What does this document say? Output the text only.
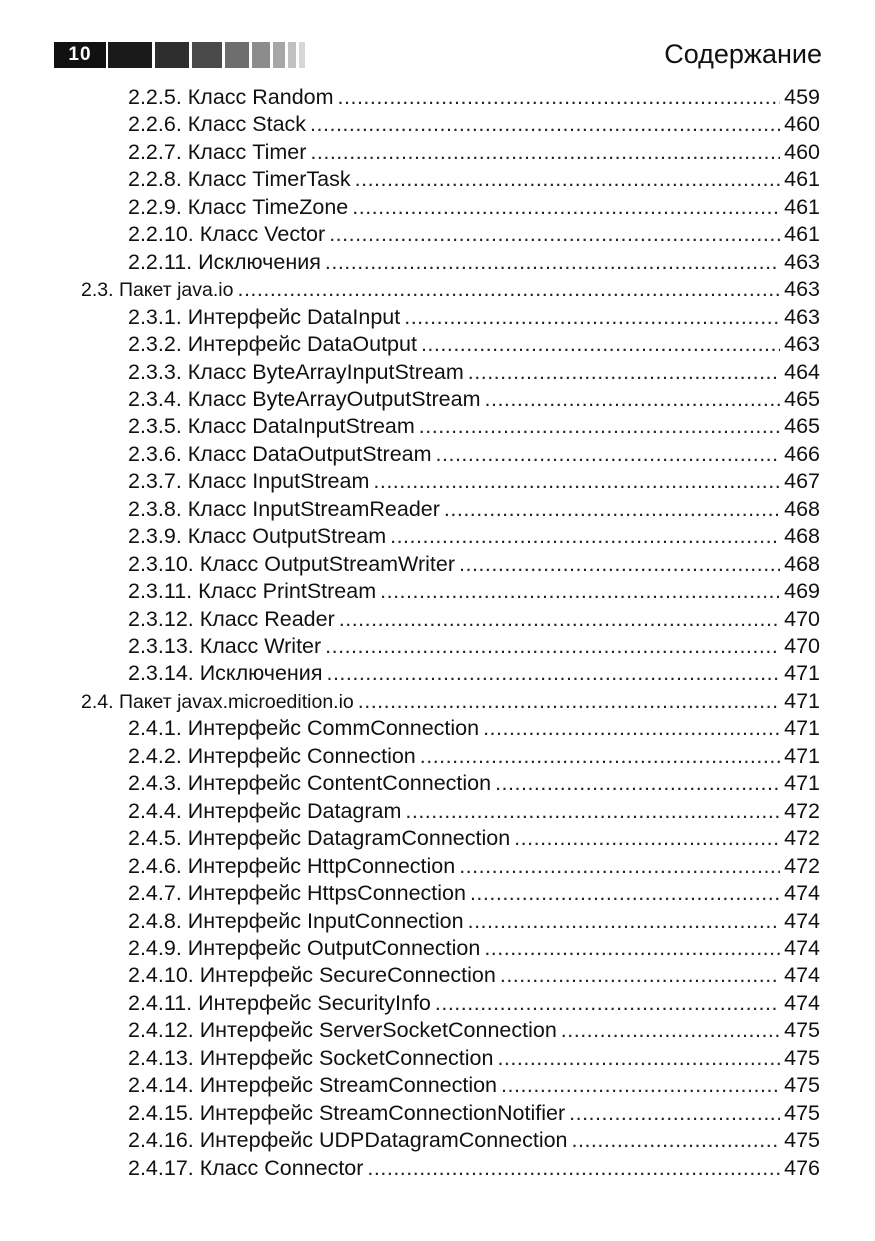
10	Содержание
2.2.5. Класс Random .....	459
2.2.6. Класс Stack .....	460
2.2.7. Класс Timer .....	460
2.2.8. Класс TimerTask .....	461
2.2.9. Класс TimeZone .....	461
2.2.10. Класс Vector .....	461
2.2.11. Исключения .....	463
2.3. Пакет java.io .....	463
2.3.1. Интерфейс DataInput .....	463
2.3.2. Интерфейс DataOutput .....	463
2.3.3. Класс ByteArrayInputStream .....	464
2.3.4. Класс ByteArrayOutputStream .....	465
2.3.5. Класс DataInputStream .....	465
2.3.6. Класс DataOutputStream .....	466
2.3.7. Класс InputStream .....	467
2.3.8. Класс InputStreamReader .....	468
2.3.9. Класс OutputStream .....	468
2.3.10. Класс OutputStreamWriter .....	468
2.3.11. Класс PrintStream .....	469
2.3.12. Класс Reader .....	470
2.3.13. Класс Writer .....	470
2.3.14. Исключения .....	471
2.4. Пакет javax.microedition.io .....	471
2.4.1. Интерфейс CommConnection .....	471
2.4.2. Интерфейс Connection .....	471
2.4.3. Интерфейс ContentConnection .....	471
2.4.4. Интерфейс Datagram .....	472
2.4.5. Интерфейс DatagramConnection .....	472
2.4.6. Интерфейс HttpConnection .....	472
2.4.7. Интерфейс HttpsConnection .....	474
2.4.8. Интерфейс InputConnection .....	474
2.4.9. Интерфейс OutputConnection .....	474
2.4.10. Интерфейс SecureConnection .....	474
2.4.11. Интерфейс SecurityInfo .....	474
2.4.12. Интерфейс ServerSocketConnection .....	475
2.4.13. Интерфейс SocketConnection .....	475
2.4.14. Интерфейс StreamConnection .....	475
2.4.15. Интерфейс StreamConnectionNotifier .....	475
2.4.16. Интерфейс UDPDatagramConnection .....	475
2.4.17. Класс Connector .....	476
